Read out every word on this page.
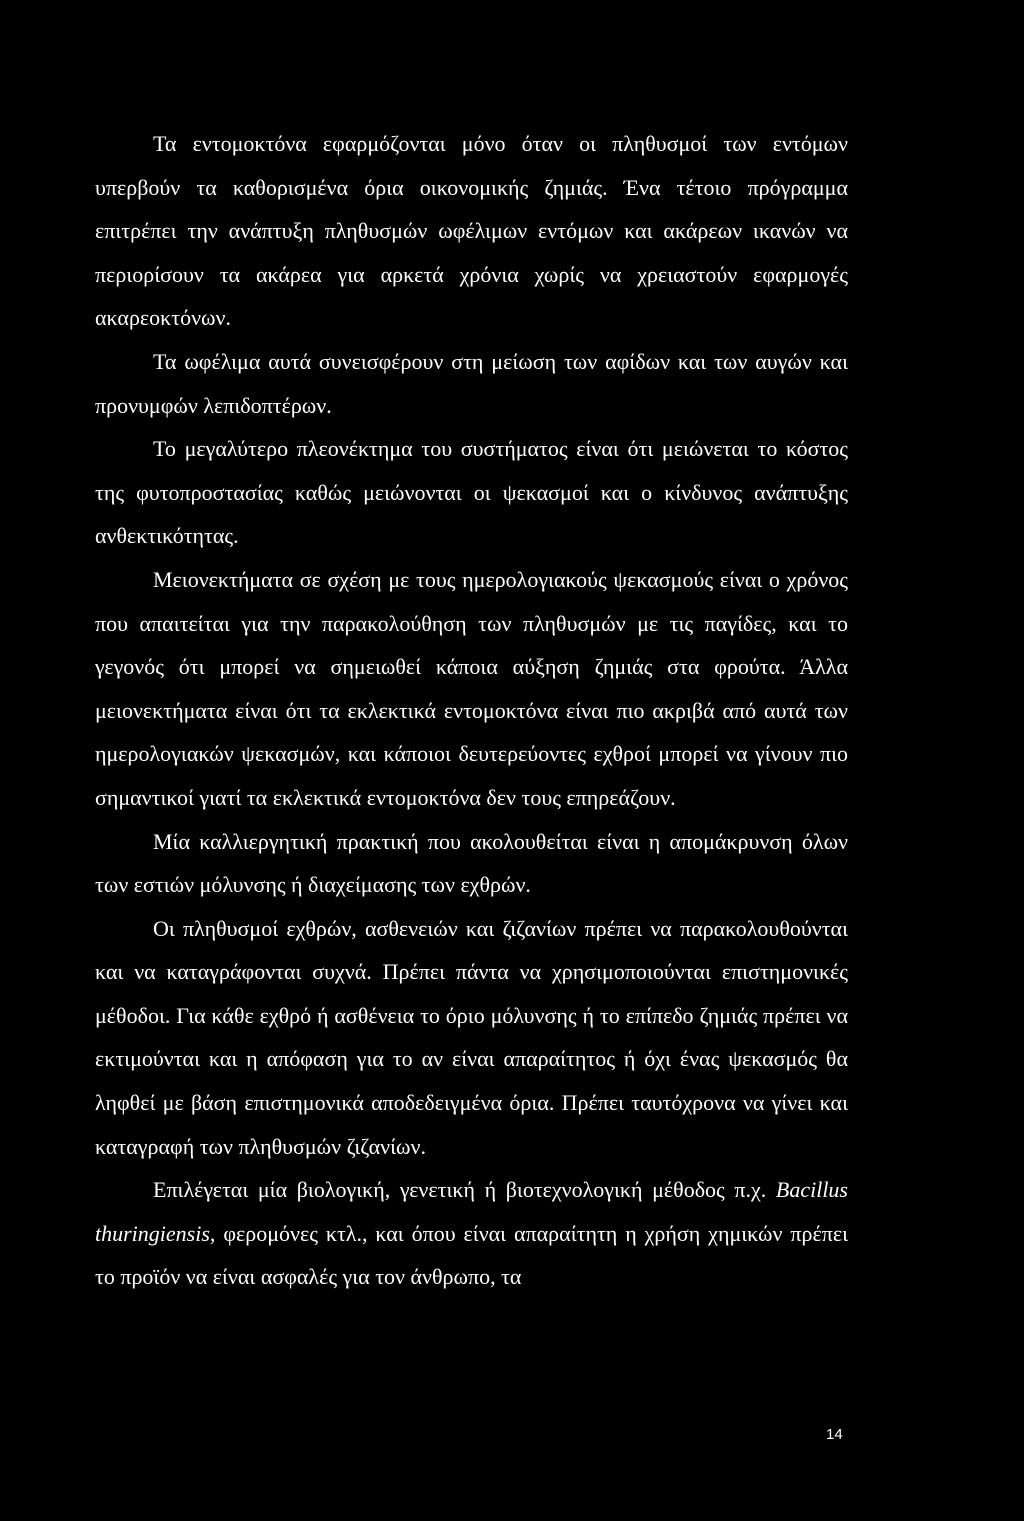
Τα εντομοκτόνα εφαρμόζονται μόνο όταν οι πληθυσμοί των εντόμων υπερβούν τα καθορισμένα όρια οικονομικής ζημιάς. Ένα τέτοιο πρόγραμμα επιτρέπει την ανάπτυξη πληθυσμών ωφέλιμων εντόμων και ακάρεων ικανών να περιορίσουν τα ακάρεα για αρκετά χρόνια χωρίς να χρειαστούν εφαρμογές ακαρεοκτόνων.

Τα ωφέλιμα αυτά συνεισφέρουν στη μείωση των αφίδων και των αυγών και προνυμφών λεπιδοπτέρων.

Το μεγαλύτερο πλεονέκτημα του συστήματος είναι ότι μειώνεται το κόστος της φυτοπροστασίας καθώς μειώνονται οι ψεκασμοί και ο κίνδυνος ανάπτυξης ανθεκτικότητας.

Μειονεκτήματα σε σχέση με τους ημερολογιακούς ψεκασμούς είναι ο χρόνος που απαιτείται για την παρακολούθηση των πληθυσμών με τις παγίδες, και το γεγονός ότι μπορεί να σημειωθεί κάποια αύξηση ζημιάς στα φρούτα. Άλλα μειονεκτήματα είναι ότι τα εκλεκτικά εντομοκτόνα είναι πιο ακριβά από αυτά των ημερολογιακών ψεκασμών, και κάποιοι δευτερεύοντες εχθροί μπορεί να γίνουν πιο σημαντικοί γιατί τα εκλεκτικά εντομοκτόνα δεν τους επηρεάζουν.

Μία καλλιεργητική πρακτική που ακολουθείται είναι η απομάκρυνση όλων των εστιών μόλυνσης ή διαχείμασης των εχθρών.

Οι πληθυσμοί εχθρών, ασθενειών και ζιζανίων πρέπει να παρακολουθούνται και να καταγράφονται συχνά. Πρέπει πάντα να χρησιμοποιούνται επιστημονικές μέθοδοι. Για κάθε εχθρό ή ασθένεια το όριο μόλυνσης ή το επίπεδο ζημιάς πρέπει να εκτιμούνται και η απόφαση για το αν είναι απαραίτητος ή όχι ένας ψεκασμός θα ληφθεί με βάση επιστημονικά αποδεδειγμένα όρια. Πρέπει ταυτόχρονα να γίνει και καταγραφή των πληθυσμών ζιζανίων.

Επιλέγεται μία βιολογική, γενετική ή βιοτεχνολογική μέθοδος π.χ. Bacillus thuringiensis, φερομόνες κτλ., και όπου είναι απαραίτητη η χρήση χημικών πρέπει το προϊόν να είναι ασφαλές για τον άνθρωπο, τα

14
